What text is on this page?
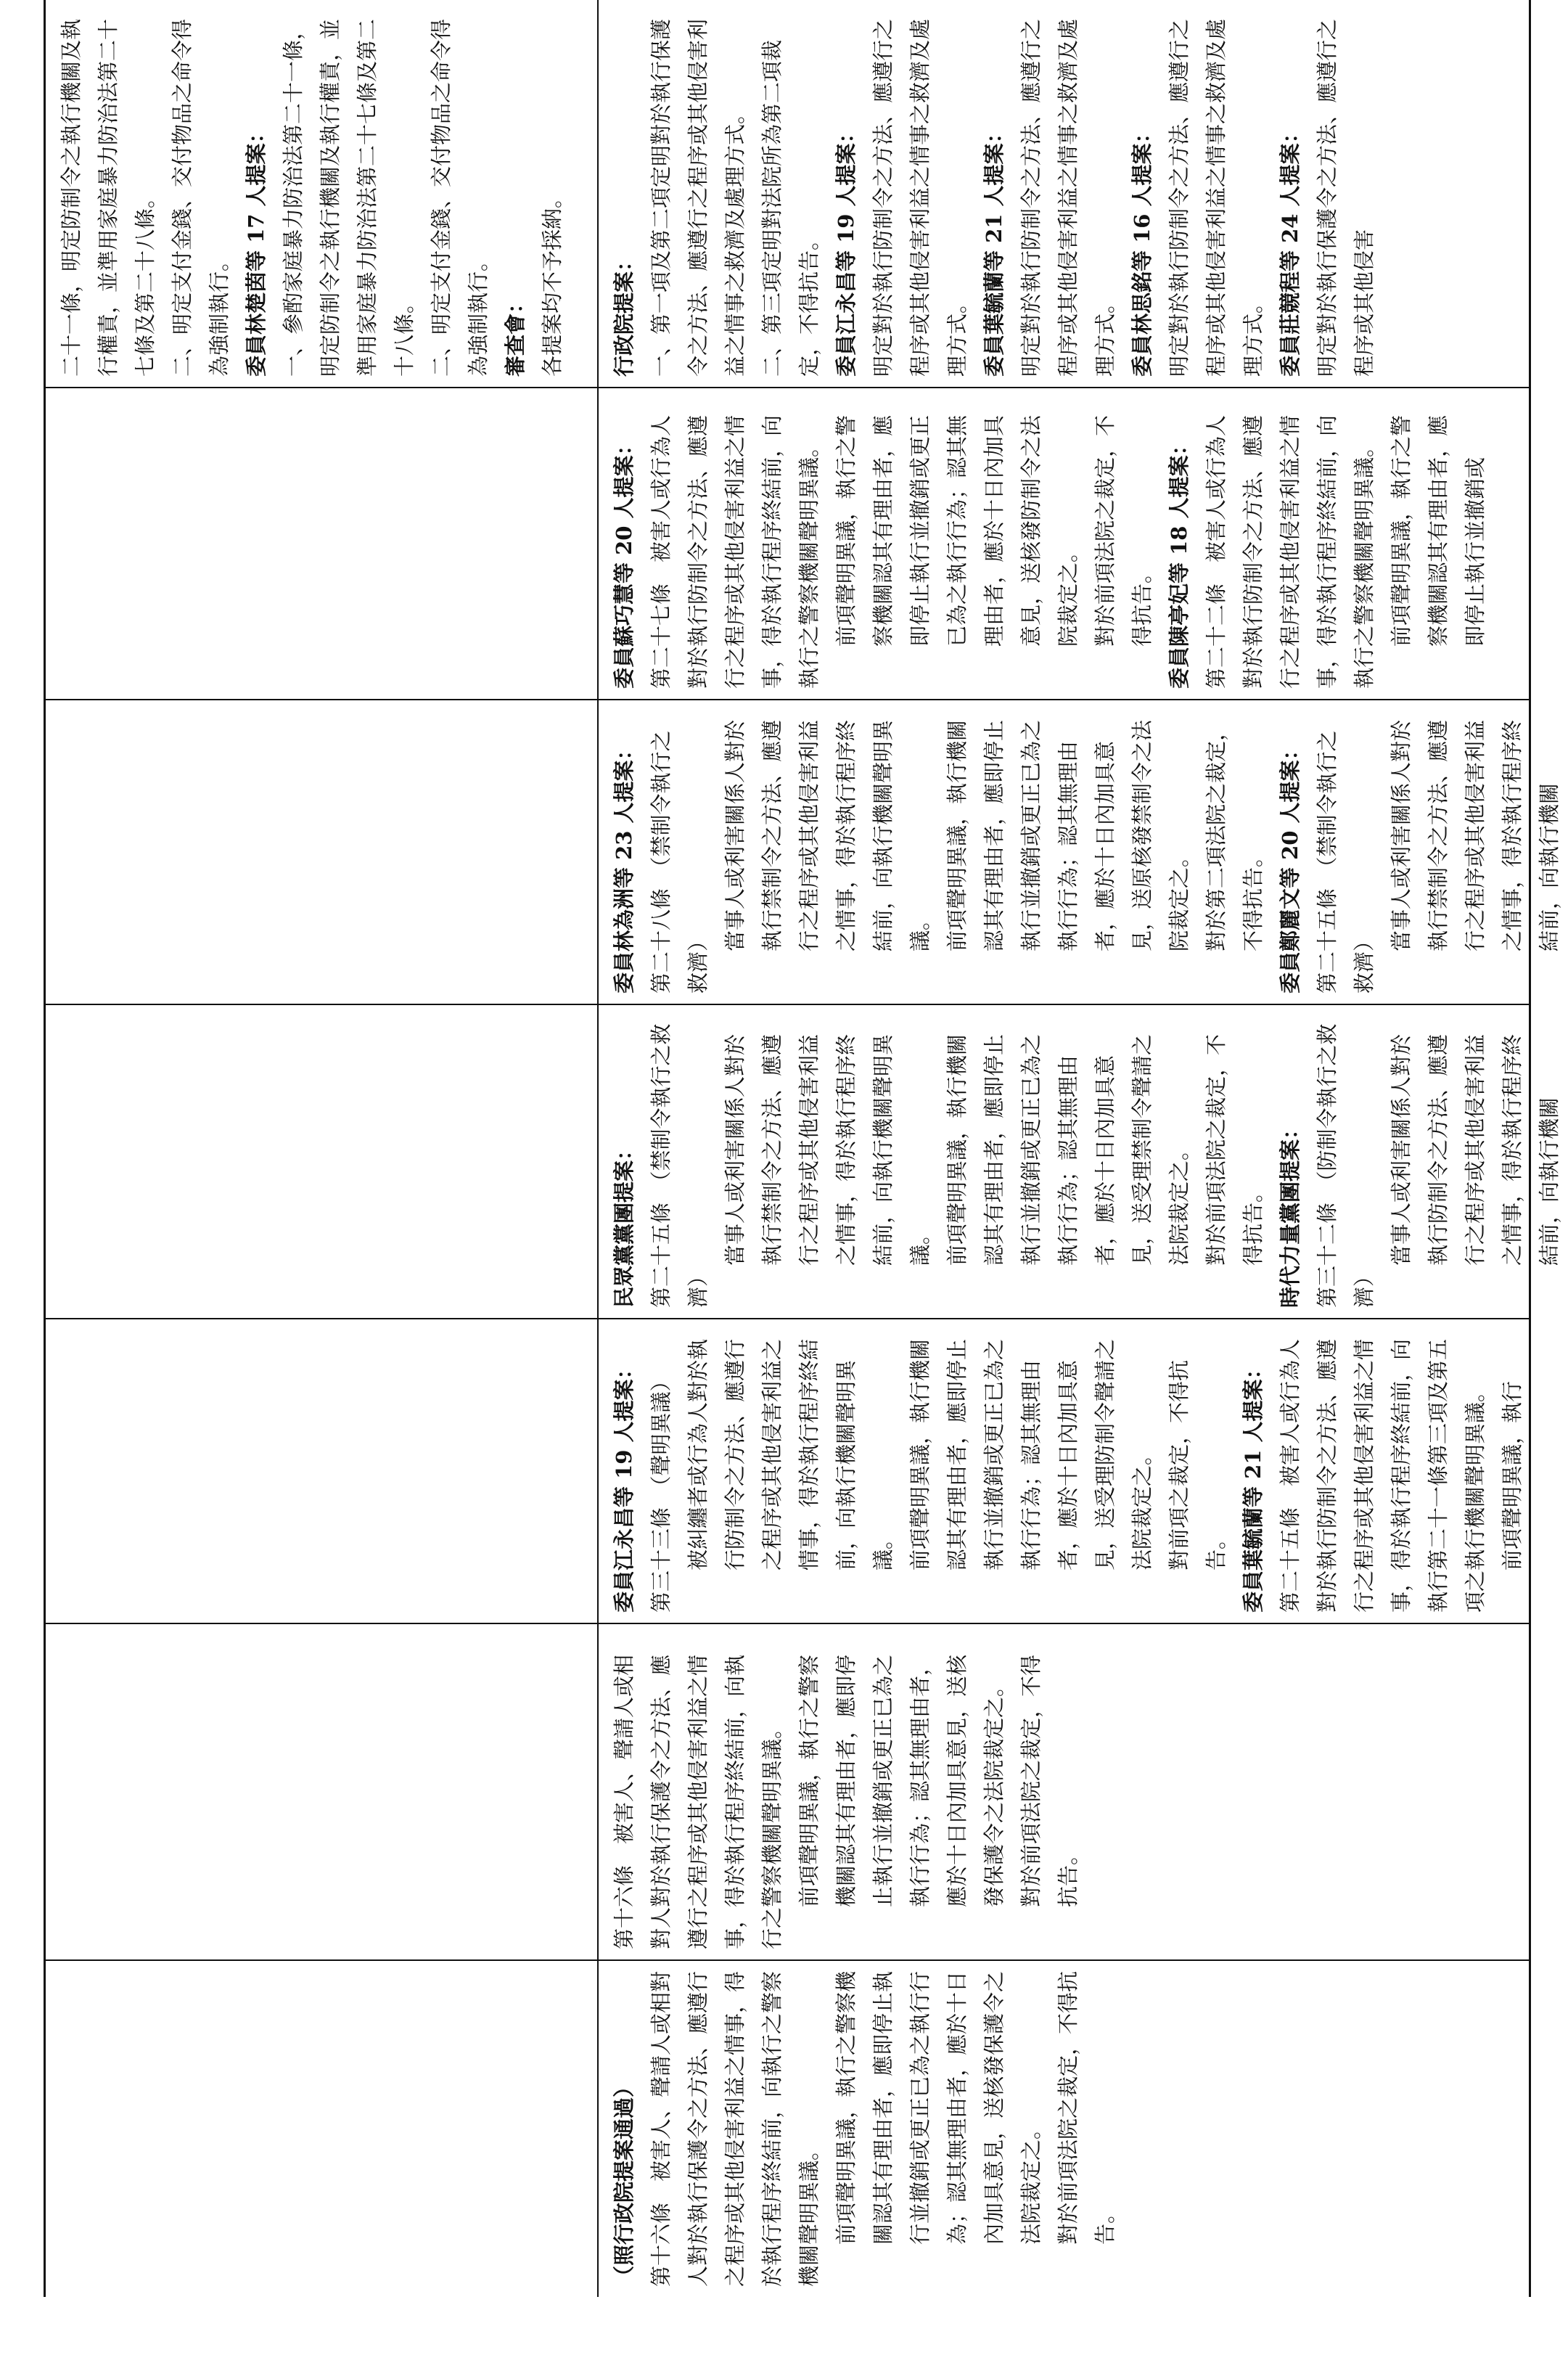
（照行政院提案通過） 第十六條　被害人、聲請人或相對人對於執行保護令之方法、應遵行之程序或其他侵害利益之情事，得於執行程序終結前，向執行之警察機關聲明異議。 前項聲明異議，執行之警察機關認其有理由者，應即停止執行並撤銷或更正已為之執行行為；認其無理由者，應於十日內加具意見，送核發保護令之法院裁定之。 對於前項法院之裁定，不得抗告。

第十六條　被害人、聲請人或相對人對於執行保護令之方法、應遵行之程序或其他侵害利益之情事，得於執行程序終結前，向執行之警察機關聲明異議。 前項聲明異議，執行之警察機關認其有理由者，應即停止執行並撤銷或更正已為之執行行為；認其無理由者，應於十日內加具意見，送核發保護令之法院裁定之。 對於前項法院之裁定，不得抗告。

委員江永昌等 19 人提案： 第三十三條　（聲明異議） 被糾纏者或行為人對於執行防制令之方法、應遵行之程序或其他侵害利益之情事，得於執行程序終結前，向執行機關聲明異議。 前項聲明異議，執行機關認其有理由者，應即停止執行並撤銷或更正已為之執行行為；認其無理由者，應於十日內加具意見，送受理防制令聲請之法院裁定之。 對前項之裁定，不得抗告。 委員葉毓蘭等 21 人提案： 第二十五條　被害人或行為人對於執行防制令之方法、應遵行之程序或其他侵害利益之情事，得於執行程序終結前，向執行第二十一條第三項及第五項之執行機關聲明異議。 前項聲明異議，執行

民眾黨黨團提案： 第二十五條　（禁制令執行之救濟）

當事人或利害關係人對於執行禁制令之方法、應遵行之程序或其他侵害利益之情事，得於執行程序終結前，向執行機關聲明異議。 前項聲明異議，執行機關認其有理由者，應即停止執行並撤銷或更正已為之執行行為；認其無理由者，應於十日內加具意見，送受理禁制令聲請之法院裁定之。 對於前項法院之裁定，不得抗告。 時代力量黨團提案： 第三十二條　（防制令執行之救濟）

當事人或利害關係人對於執行防制令之方法、應遵行之程序或其他侵害利益之情事，得於執行程序終結前，向執行機關

委員林為洲等 23 人提案： 第二十八條　（禁制令執行之救濟）

當事人或利害關係人對於執行禁制令之方法、應遵行之程序或其他侵害利益之情事，得於執行程序終結前，向執行機關聲明異議。 前項聲明異議，執行機關認其有理由者，應即停止執行並撤銷或更正已為之執行行為；認其無理由者，應於十日內加具意見，送原核發禁制令之法院裁定之。 對於第二項法院之裁定，不得抗告。 委員鄭麗文等 20 人提案： 第二十五條　（禁制令執行之救濟）

當事人或利害關係人對於執行禁制令之方法、應遵行之程序或其他侵害利益之情事，得於執行程序終結前，向執行機關

委員蘇巧慧等 20 人提案： 第二十七條　被害人或行為人對於執行防制令之方法、應遵行之程序或其他侵害利益之情事，得於執行程序終結前，向執行之警察機關聲明異議。 前項聲明異議，執行之警察機關認其有理由者，應即停止執行並撤銷或更正已為之執行行為；認其無理由者，應於十日內加具意見，送核發防制令之法院裁定之。 對於前項法院之裁定，不得抗告。 委員陳亭妃等 18 人提案： 第二十二條　被害人或行為人對於執行防制令之方法、應遵行之程序或其他侵害利益之情事，得於執行程序終結前，向執行之警察機關聲明異議。 前項聲明異議，執行之警察機關認其有理由者，應即停止執行並撤銷或

二十一條，明定防制令之執行機關及執行權責，並準用家庭暴力防治法第二十七條及第二十八條。 二、明定支付金錢、交付物品之命令得為強制執行。 委員林楚茵等 17 人提案： 一、參酌家庭暴力防治法第二十一條，明定防制令之執行機關及執行權責，並準用家庭暴力防治法第二十七條及第二十八條。 二、明定支付金錢、交付物品之命令得為強制執行。 審查會： 各提案均不予採納。	行政院提案： 一、第一項及第二項定明對於執行保護令之方法、應遵行之程序或其他侵害利益之情事之救濟及處理方式。 二、第三項定明對法院所為第二項裁定，不得抗告。 委員江永昌等 19 人提案： 明定對於執行防制令之方法、應遵行之程序或其他侵害利益之情事之救濟及處理方式。 委員葉毓蘭等 21 人提案： 明定對於執行防制令之方法、應遵行之程序或其他侵害利益之情事之救濟及處理方式。 委員林思銘等 16 人提案： 明定對於執行防制令之方法、應遵行之程序或其他侵害利益之情事之救濟及處理方式。 委員莊競程等 24 人提案： 明定對於執行保護令之方法、應遵行之程序或其他侵害
